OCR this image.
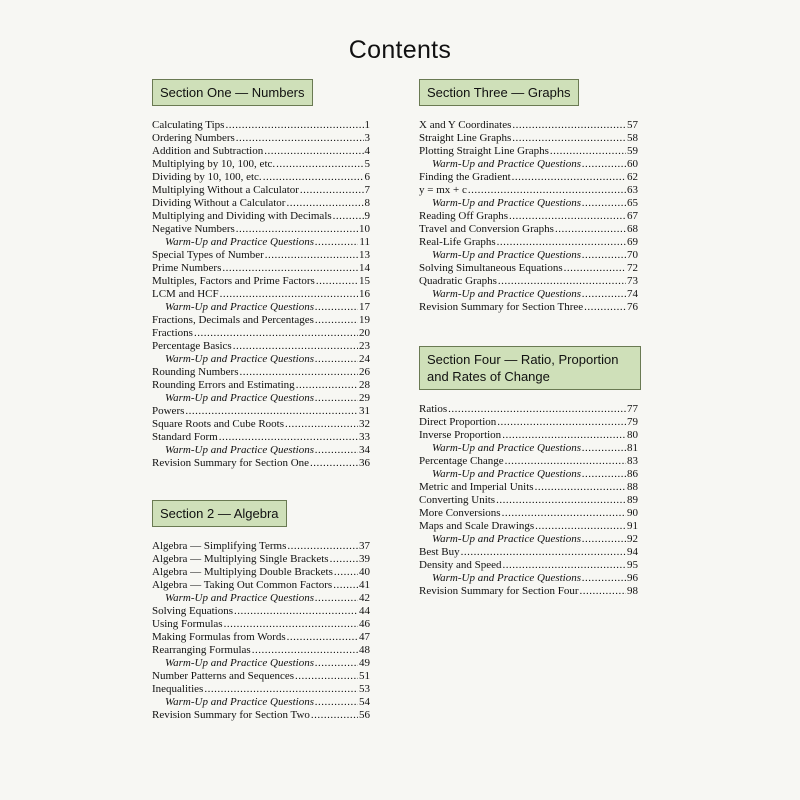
Contents
Section One — Numbers
Calculating Tips .....	1
Ordering Numbers .....	3
Addition and Subtraction .....	4
Multiplying by 10, 100, etc. .....	5
Dividing by 10, 100, etc. .....	6
Multiplying Without a Calculator .....	7
Dividing Without a Calculator .....	8
Multiplying and Dividing with Decimals .....	9
Negative Numbers .....	10
Warm-Up and Practice Questions .....	11
Special Types of Number .....	13
Prime Numbers .....	14
Multiples, Factors and Prime Factors .....	15
LCM and HCF .....	16
Warm-Up and Practice Questions .....	17
Fractions, Decimals and Percentages .....	19
Fractions .....	20
Percentage Basics .....	23
Warm-Up and Practice Questions .....	24
Rounding Numbers .....	26
Rounding Errors and Estimating .....	28
Warm-Up and Practice Questions .....	29
Powers .....	31
Square Roots and Cube Roots .....	32
Standard Form .....	33
Warm-Up and Practice Questions .....	34
Revision Summary for Section One .....	36
Section 2 — Algebra
Algebra — Simplifying Terms .....	37
Algebra — Multiplying Single Brackets .....	39
Algebra — Multiplying Double Brackets ..... 40
Algebra — Taking Out Common Factors ..... 41
Warm-Up and Practice Questions .....	42
Solving Equations .....	44
Using Formulas .....	46
Making Formulas from Words .....	47
Rearranging Formulas .....	48
Warm-Up and Practice Questions .....	49
Number Patterns and Sequences .....	51
Inequalities .....	53
Warm-Up and Practice Questions .....	54
Revision Summary for Section Two .....	56
Section Three — Graphs
X and Y Coordinates .....	57
Straight Line Graphs .....	58
Plotting Straight Line Graphs .....	59
Warm-Up and Practice Questions .....	60
Finding the Gradient .....	62
y = mx + c .....	63
Warm-Up and Practice Questions .....	65
Reading Off Graphs .....	67
Travel and Conversion Graphs .....	68
Real-Life Graphs .....	69
Warm-Up and Practice Questions .....	70
Solving Simultaneous Equations .....	72
Quadratic Graphs .....	73
Warm-Up and Practice Questions .....	74
Revision Summary for Section Three .....	76
Section Four — Ratio, Proportion and Rates of Change
Ratios .....	77
Direct Proportion .....	79
Inverse Proportion .....	80
Warm-Up and Practice Questions .....	81
Percentage Change .....	83
Warm-Up and Practice Questions .....	86
Metric and Imperial Units .....	88
Converting Units .....	89
More Conversions .....	90
Maps and Scale Drawings .....	91
Warm-Up and Practice Questions .....	92
Best Buy .....	94
Density and Speed .....	95
Warm-Up and Practice Questions .....	96
Revision Summary for Section Four .....	98
